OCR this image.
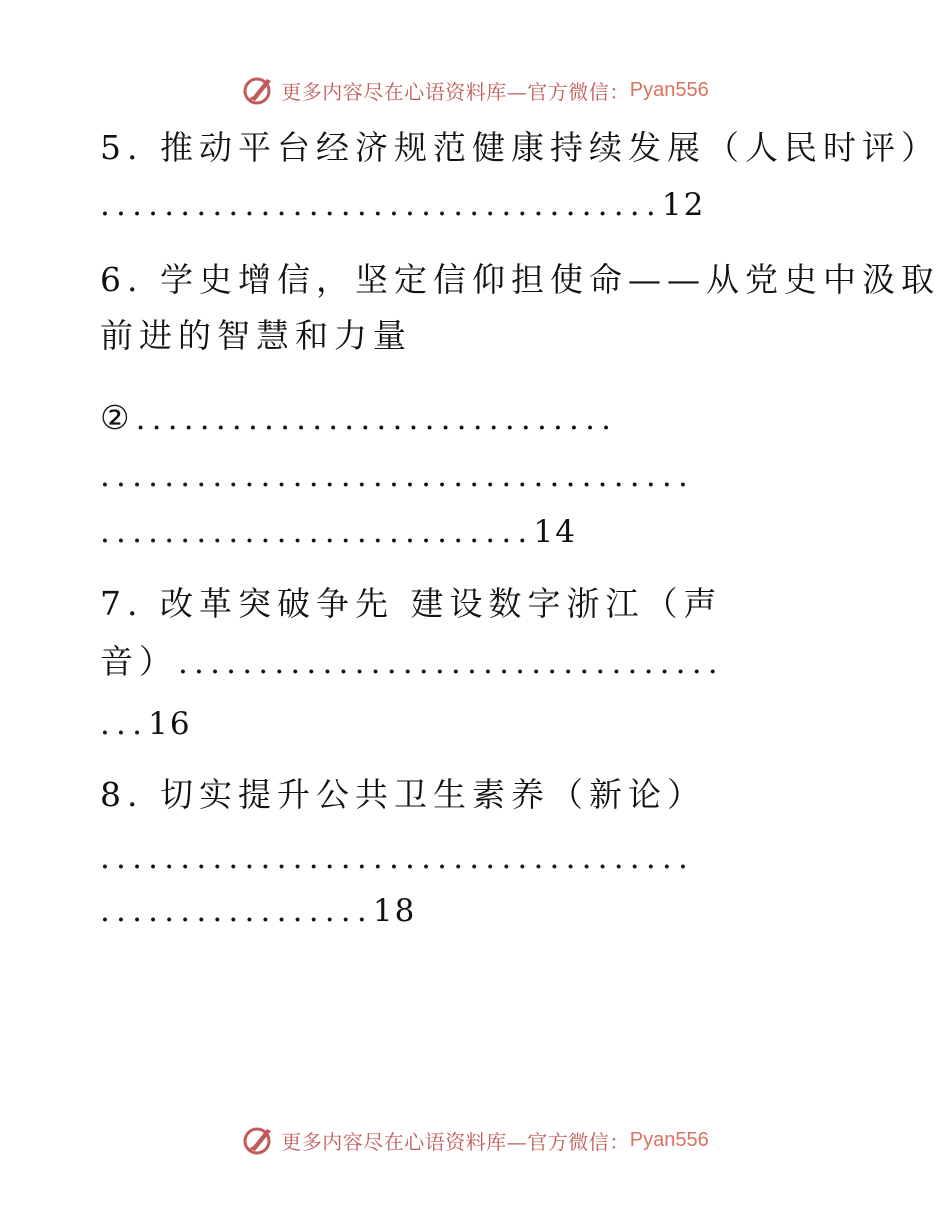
更多内容尽在心语资料库—官方微信： Pyan556
5. 推动平台经济规范健康持续发展（人民时评）
...................................12
6. 学史增信，坚定信仰担使命——从党史中汲取
前进的智慧和力量
②..............................
.....................................
...........................14
7. 改革突破争先 建设数字浙江（声
音）..................................
...16
8. 切实提升公共卫生素养（新论）
.....................................
.................18
更多内容尽在心语资料库—官方微信： Pyan556
